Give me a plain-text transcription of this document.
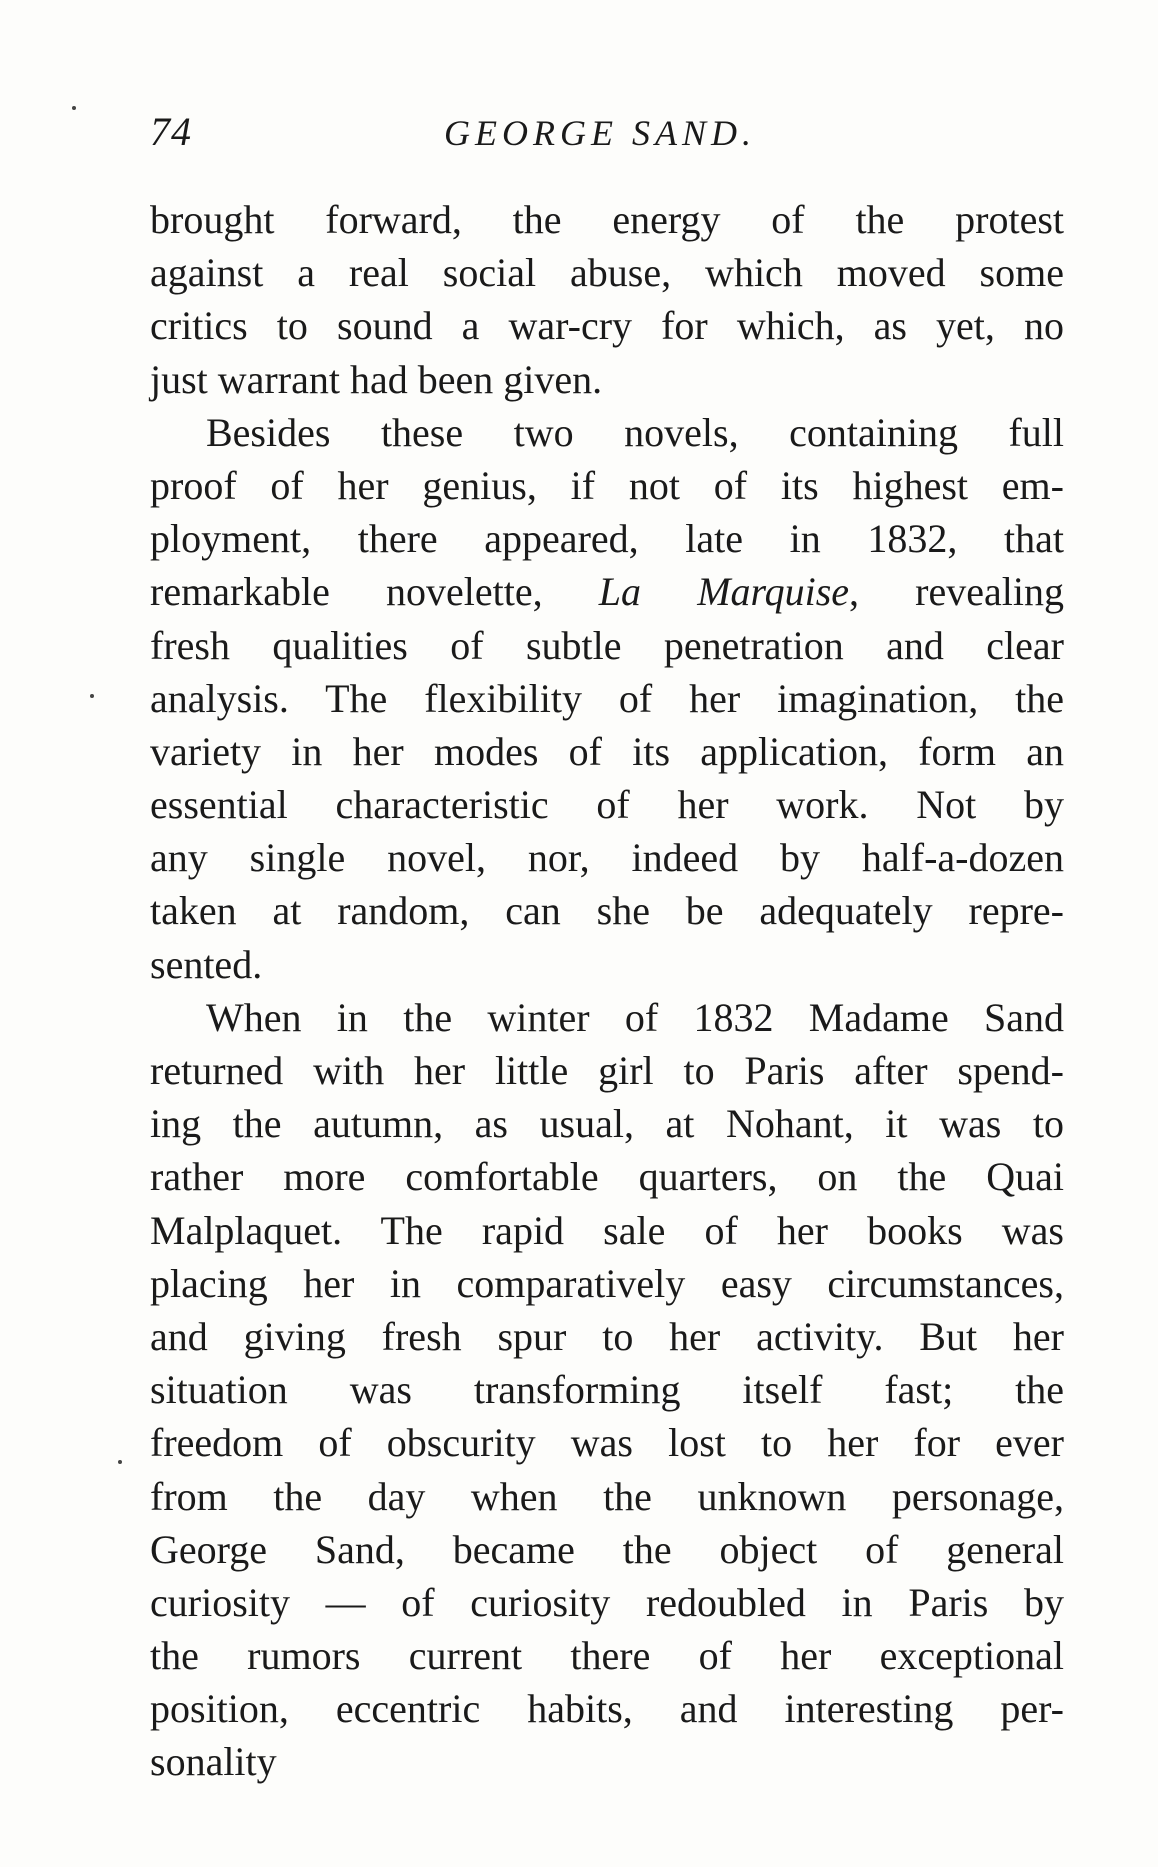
74	GEORGE SAND.
brought forward, the energy of the protest
against a real social abuse, which moved some
critics to sound a war-cry for which, as yet, no
just warrant had been given.
Besides these two novels, containing full
proof of her genius, if not of its highest em-
ployment, there appeared, late in 1832, that
remarkable novelette, La Marquise, revealing
fresh qualities of subtle penetration and clear
analysis. The flexibility of her imagination, the
variety in her modes of its application, form an
essential characteristic of her work. Not by
any single novel, nor, indeed by half-a-dozen
taken at random, can she be adequately repre-
sented.
When in the winter of 1832 Madame Sand
returned with her little girl to Paris after spend-
ing the autumn, as usual, at Nohant, it was to
rather more comfortable quarters, on the Quai
Malplaquet. The rapid sale of her books was
placing her in comparatively easy circumstances,
and giving fresh spur to her activity. But her
situation was transforming itself fast; the
freedom of obscurity was lost to her for ever
from the day when the unknown personage,
George Sand, became the object of general
curiosity — of curiosity redoubled in Paris by
the rumors current there of her exceptional
position, eccentric habits, and interesting per-
sonality
